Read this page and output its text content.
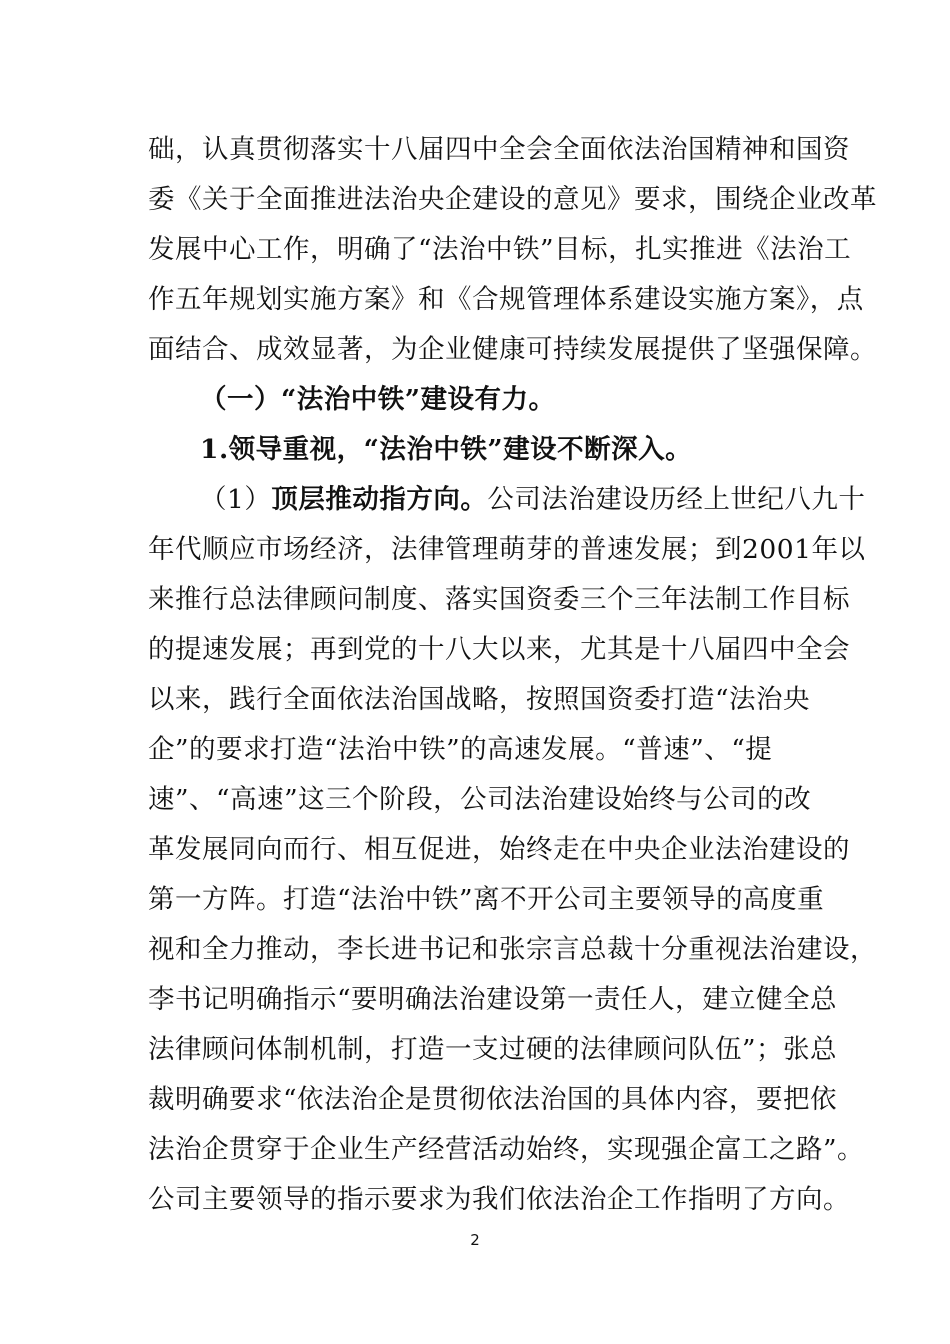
础，认真贯彻落实十八届四中全会全面依法治国精神和国资
委《关于全面推进法治央企建设的意见》要求，围绕企业改革
发展中心工作，明确了“法治中铁”目标，扎实推进《法治工
作五年规划实施方案》和《合规管理体系建设实施方案》，点
面结合、成效显著，为企业健康可持续发展提供了坚强保障。
（一）“法治中铁”建设有力。
1.领导重视，“法治中铁”建设不断深入。
（1）顶层推动指方向。公司法治建设历经上世纪八九十
年代顺应市场经济，法律管理萌芽的普速发展；到2001年以
来推行总法律顾问制度、落实国资委三个三年法制工作目标
的提速发展；再到党的十八大以来，尤其是十八届四中全会
以来，践行全面依法治国战略，按照国资委打造“法治央
企”的要求打造“法治中铁”的高速发展。“普速”、“提
速”、“高速”这三个阶段，公司法治建设始终与公司的改
革发展同向而行、相互促进，始终走在中央企业法治建设的
第一方阵。打造“法治中铁”离不开公司主要领导的高度重
视和全力推动，李长进书记和张宗言总裁十分重视法治建设，
李书记明确指示“要明确法治建设第一责任人，建立健全总
法律顾问体制机制，打造一支过硬的法律顾问队伍”；张总
裁明确要求“依法治企是贯彻依法治国的具体内容，要把依
法治企贯穿于企业生产经营活动始终，实现强企富工之路”。
公司主要领导的指示要求为我们依法治企工作指明了方向。
2
